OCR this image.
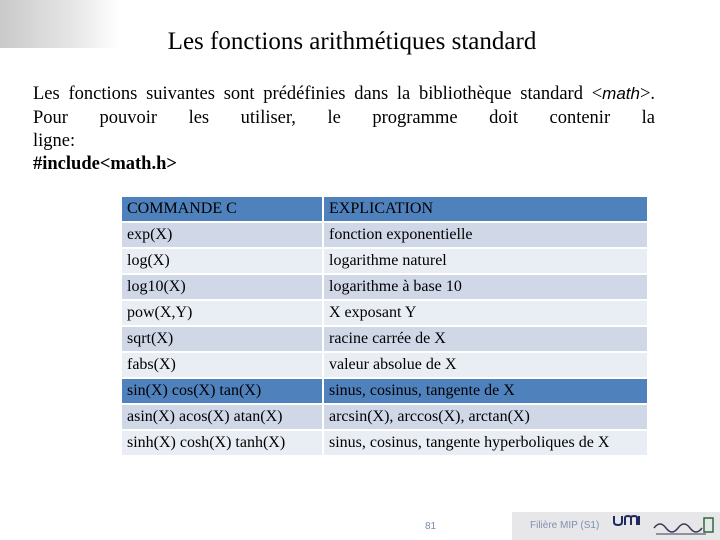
Les fonctions arithmétiques standard
Les fonctions suivantes sont prédéfinies dans la bibliothèque standard <math>. Pour pouvoir les utiliser, le programme doit contenir la
ligne:
#include<math.h>
COMMANDE C		EXPLICATION
exp(X)		fonction exponentielle
log(X)		logarithme naturel
log10(X)		logarithme à base 10
pow(X,Y)		X exposant Y
sqrt(X)		racine carrée de X
fabs(X)		valeur absolue de X
sin(X) cos(X) tan(X)		sinus, cosinus, tangente de X
asin(X) acos(X) atan(X)		arcsin(X), arccos(X), arctan(X)
sinh(X) cosh(X) tanh(X)		sinus, cosinus, tangente hyperboliques de X
81	Filière MIP (S1)
